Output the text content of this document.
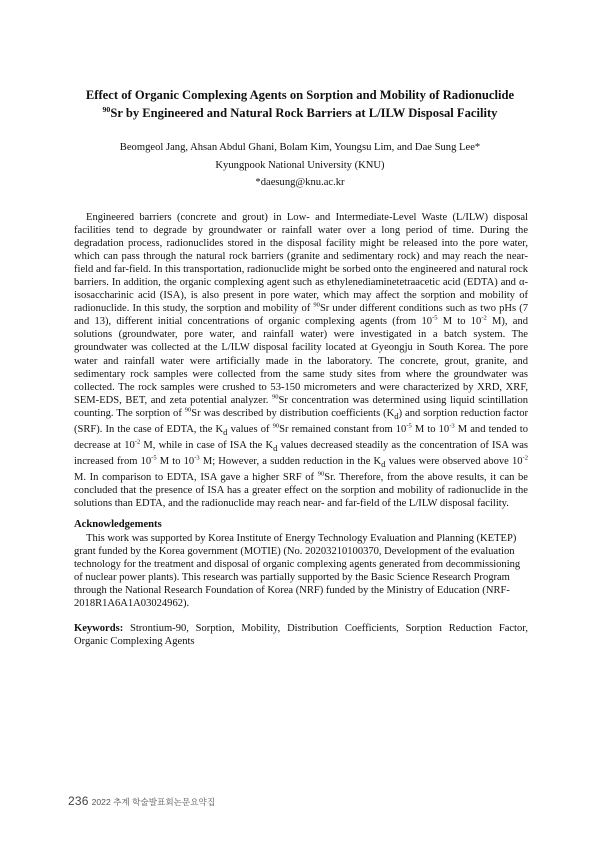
Effect of Organic Complexing Agents on Sorption and Mobility of Radionuclide
$^{90}$Sr by Engineered and Natural Rock Barriers at L/ILW Disposal Facility
Beomgeol Jang, Ahsan Abdul Ghani, Bolam Kim, Youngsu Lim, and Dae Sung Lee*
Kyungpook National University (KNU)
*daesung@knu.ac.kr

Engineered barriers (concrete and grout) in Low- and Intermediate-Level Waste (L/ILW) disposal facilities tend to degrade by groundwater or rainfall water over a long period of time. During the degradation process, radionuclides stored in the disposal facility might be released into the pore water, which can pass through the natural rock barriers (granite and sedimentary rock) and may reach the near-field and far-field. In this transportation, radionuclide might be sorbed onto the engineered and natural rock barriers. In addition, the organic complexing agent such as ethylenediaminetetraacetic acid (EDTA) and α-isosaccharinic acid (ISA), is also present in pore water, which may affect the sorption and mobility of radionuclide. In this study, the sorption and mobility of $^{90}$Sr under different conditions such as two pHs (7 and 13), different initial concentrations of organic complexing agents (from $10^{-5}$ M to $10^{-2}$ M), and solutions (groundwater, pore water, and rainfall water) were investigated in a batch system. The groundwater was collected at the L/ILW disposal facility located at Gyeongju in South Korea. The pore water and rainfall water were artificially made in the laboratory. The concrete, grout, granite, and sedimentary rock samples were collected from the same study sites from where the groundwater was collected. The rock samples were crushed to 53-150 micrometers and were characterized by XRD, XRF, SEM-EDS, BET, and zeta potential analyzer. $^{90}$Sr concentration was determined using liquid scintillation counting. The sorption of $^{90}$Sr was described by distribution coefficients $(K_d)$ and sorption reduction factor (SRF). In the case of EDTA, the $K_d$ values of $^{90}$Sr remained constant from $10^{-5}$ M to $10^{-3}$ M and tended to decrease at $10^{-2}$ M, while in case of ISA the $K_d$ values decreased steadily as the concentration of ISA was increased from $10^{-5}$ M to $10^{-3}$ M; However, a sudden reduction in the $K_d$ values were observed above $10^{-2}$ M. In comparison to EDTA, ISA gave a higher SRF of $^{90}$Sr. Therefore, from the above results, it can be concluded that the presence of ISA has a greater effect on the sorption and mobility of radionuclide in the solutions than EDTA, and the radionuclide may reach near- and far-field of the L/ILW disposal facility.

Acknowledgements

This work was supported by Korea Institute of Energy Technology Evaluation and Planning (KETEP) grant funded by the Korea government (MOTIE) (No. 20203210100370, Development of the evaluation technology for the treatment and disposal of organic complexing agents generated from decommissioning of nuclear power plants). This research was partially supported by the Basic Science Research Program through the National Research Foundation of Korea (NRF) funded by the Ministry of Education (NRF-2018R1A6A1A03024962).

Keywords: Strontium-90, Sorption, Mobility, Distribution Coefficients, Sorption Reduction Factor, Organic Complexing Agents

236 2022 추계 학술발표회논문요약집
